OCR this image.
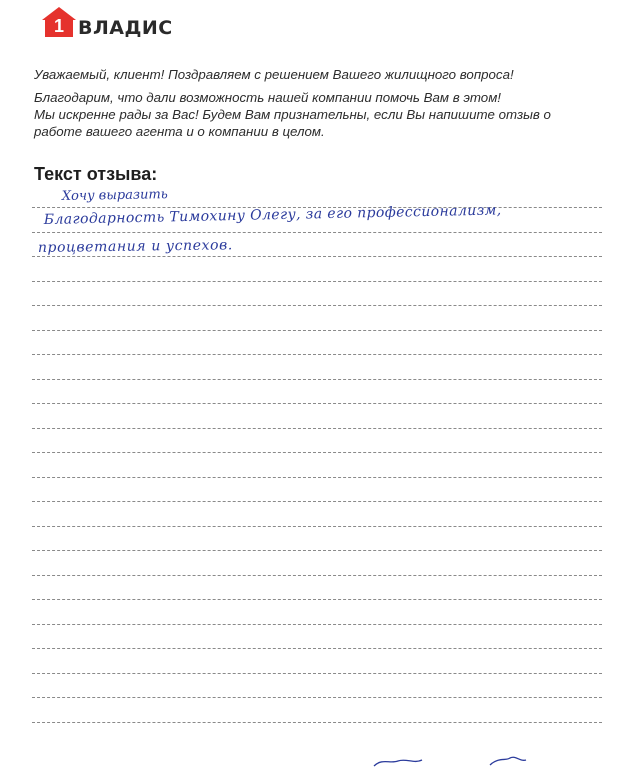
1 ВЛАДИС

Уважаемый, клиент! Поздравляем с решением Вашего жилищного вопроса!

Благодарим, что дали возможность нашей компании помочь Вам в этом!

Мы искренне рады за Вас! Будем Вам признательны, если Вы напишите отзыв о работе вашего агента и о компании в целом.

Текст отзыва:
Хочу выразить
Благодарность Тимохину Олегу, за его профессионализм,
процветания и успехов.
